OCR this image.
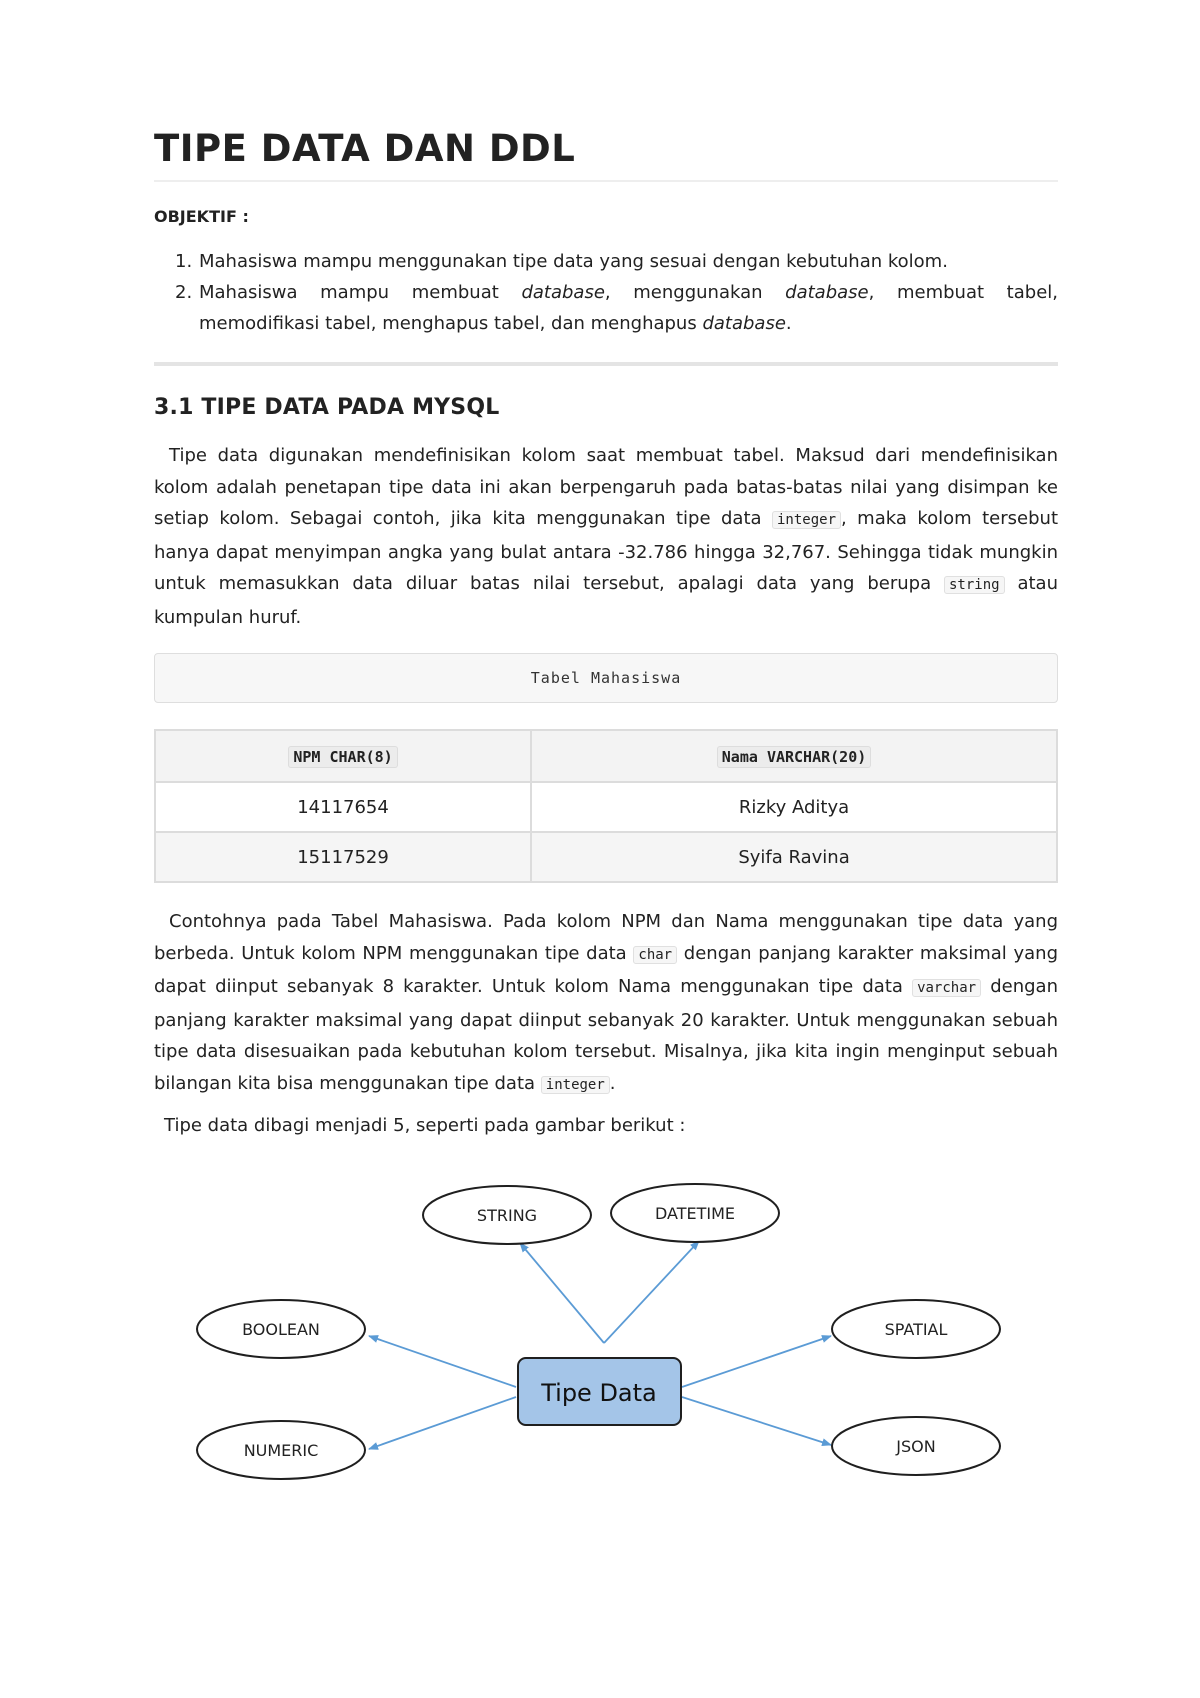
TIPE DATA DAN DDL
OBJEKTIF :
1. Mahasiswa mampu menggunakan tipe data yang sesuai dengan kebutuhan kolom.
2. Mahasiswa mampu membuat database, menggunakan database, membuat tabel, memodifikasi tabel, menghapus tabel, dan menghapus database.
3.1 TIPE DATA PADA MYSQL

Tipe data digunakan mendefinisikan kolom saat membuat tabel. Maksud dari mendefinisikan kolom adalah penetapan tipe data ini akan berpengaruh pada batas-batas nilai yang disimpan ke setiap kolom. Sebagai contoh, jika kita menggunakan tipe data integer , maka kolom tersebut hanya dapat menyimpan angka yang bulat antara -32.786 hingga 32,767. Sehingga tidak mungkin untuk memasukkan data diluar batas nilai tersebut, apalagi data yang berupa string atau kumpulan huruf.

Tabel Mahasiswa
NPM CHAR(8)	Nama VARCHAR(20)
14117654	Rizky Aditya
15117529	Syifa Ravina

Contohnya pada Tabel Mahasiswa. Pada kolom NPM dan Nama menggunakan tipe data yang berbeda. Untuk kolom NPM menggunakan tipe data char dengan panjang karakter maksimal yang dapat diinput sebanyak 8 karakter. Untuk kolom Nama menggunakan tipe data varchar dengan panjang karakter maksimal yang dapat diinput sebanyak 20 karakter. Untuk menggunakan sebuah tipe data disesuaikan pada kebutuhan kolom tersebut. Misalnya, jika kita ingin menginput sebuah bilangan kita bisa menggunakan tipe data integer .

Tipe data dibagi menjadi 5, seperti pada gambar berikut :

Tipe Data
STRING	DATETIME
BOOLEAN	SPATIAL
NUMERIC	JSON
